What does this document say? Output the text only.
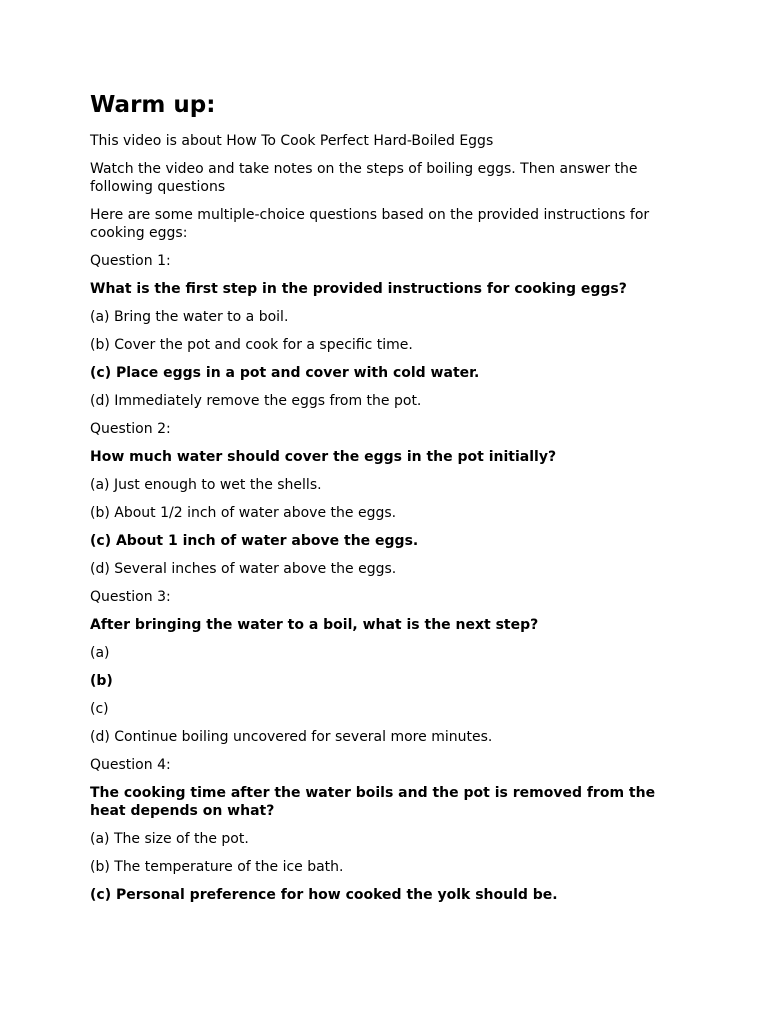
Warm up:

This video is about How To Cook Perfect Hard-Boiled Eggs

Watch the video and take notes on the steps of boiling eggs. Then answer the following questions

Here are some multiple-choice questions based on the provided instructions for cooking eggs:

Question 1:

What is the first step in the provided instructions for cooking eggs?

(a) Bring the water to a boil.

(b) Cover the pot and cook for a specific time.

(c) Place eggs in a pot and cover with cold water.

(d) Immediately remove the eggs from the pot.

Question 2:

How much water should cover the eggs in the pot initially?

(a) Just enough to wet the shells.

(b) About 1/2 inch of water above the eggs.

(c) About 1 inch of water above the eggs.

(d) Several inches of water above the eggs.

Question 3:

After bringing the water to a boil, what is the next step?

(a)

(b)

(c)

(d) Continue boiling uncovered for several more minutes.

Question 4:

The cooking time after the water boils and the pot is removed from the heat depends on what?

(a) The size of the pot.

(b) The temperature of the ice bath.

(c) Personal preference for how cooked the yolk should be.
